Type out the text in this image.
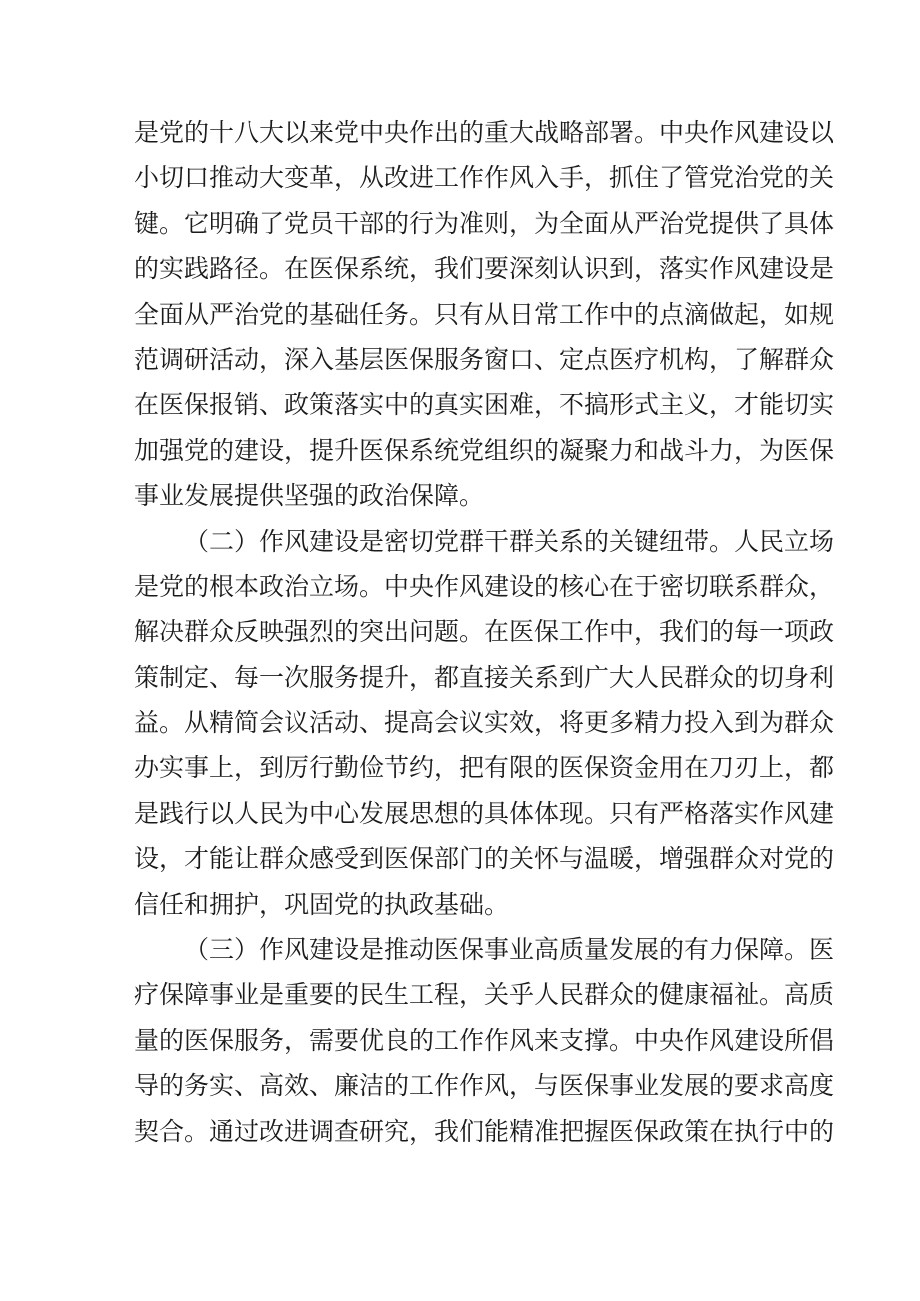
是党的十八大以来党中央作出的重大战略部署。中央作风建设以
小切口推动大变革，从改进工作作风入手，抓住了管党治党的关
键。它明确了党员干部的行为准则，为全面从严治党提供了具体
的实践路径。在医保系统，我们要深刻认识到，落实作风建设是
全面从严治党的基础任务。只有从日常工作中的点滴做起，如规
范调研活动，深入基层医保服务窗口、定点医疗机构，了解群众
在医保报销、政策落实中的真实困难，不搞形式主义，才能切实
加强党的建设，提升医保系统党组织的凝聚力和战斗力，为医保
事业发展提供坚强的政治保障。
（二）作风建设是密切党群干群关系的关键纽带。人民立场
是党的根本政治立场。中央作风建设的核心在于密切联系群众，
解决群众反映强烈的突出问题。在医保工作中，我们的每一项政
策制定、每一次服务提升，都直接关系到广大人民群众的切身利
益。从精简会议活动、提高会议实效，将更多精力投入到为群众
办实事上，到厉行勤俭节约，把有限的医保资金用在刀刃上，都
是践行以人民为中心发展思想的具体体现。只有严格落实作风建
设，才能让群众感受到医保部门的关怀与温暖，增强群众对党的
信任和拥护，巩固党的执政基础。
（三）作风建设是推动医保事业高质量发展的有力保障。医
疗保障事业是重要的民生工程，关乎人民群众的健康福祉。高质
量的医保服务，需要优良的工作作风来支撑。中央作风建设所倡
导的务实、高效、廉洁的工作作风，与医保事业发展的要求高度
契合。通过改进调查研究，我们能精准把握医保政策在执行中的
